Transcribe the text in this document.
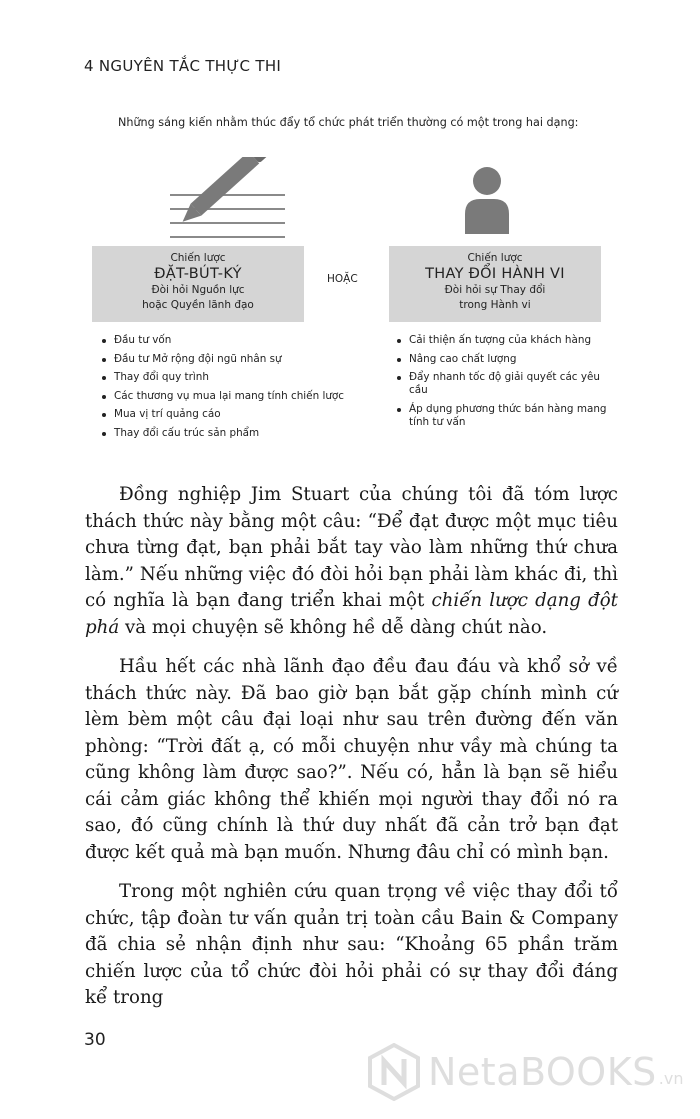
4 NGUYÊN TẮC THỰC THI
Những sáng kiến nhằm thúc đẩy tổ chức phát triển thường có một trong hai dạng:
Chiến lược
ĐẶT-BÚT-KÝ
Đòi hỏi Nguồn lực
hoặc Quyền lãnh đạo
HOẶC
Chiến lược
THAY ĐỔI HÀNH VI
Đòi hỏi sự Thay đổi
trong Hành vi
Đầu tư vốn
Đầu tư Mở rộng đội ngũ nhân sự
Thay đổi quy trình
Các thương vụ mua lại mang tính chiến lược
Mua vị trí quảng cáo
Thay đổi cấu trúc sản phẩm
Cải thiện ấn tượng của khách hàng
Nâng cao chất lượng
Đẩy nhanh tốc độ giải quyết các yêu cầu
Áp dụng phương thức bán hàng mang tính tư vấn

Đồng nghiệp Jim Stuart của chúng tôi đã tóm lược thách thức này bằng một câu: “Để đạt được một mục tiêu chưa từng đạt, bạn phải bắt tay vào làm những thứ chưa làm.” Nếu những việc đó đòi hỏi bạn phải làm khác đi, thì có nghĩa là bạn đang triển khai một chiến lược dạng đột phá và mọi chuyện sẽ không hề dễ dàng chút nào.

Hầu hết các nhà lãnh đạo đều đau đáu và khổ sở về thách thức này. Đã bao giờ bạn bắt gặp chính mình cứ lèm bèm một câu đại loại như sau trên đường đến văn phòng: “Trời đất ạ, có mỗi chuyện như vầy mà chúng ta cũng không làm được sao?”. Nếu có, hẳn là bạn sẽ hiểu cái cảm giác không thể khiến mọi người thay đổi nó ra sao, đó cũng chính là thứ duy nhất đã cản trở bạn đạt được kết quả mà bạn muốn. Nhưng đâu chỉ có mình bạn.

Trong một nghiên cứu quan trọng về việc thay đổi tổ chức, tập đoàn tư vấn quản trị toàn cầu Bain & Company đã chia sẻ nhận định như sau: “Khoảng 65 phần trăm chiến lược của tổ chức đòi hỏi phải có sự thay đổi đáng kể trong

30
NetaBOOKS .vn
